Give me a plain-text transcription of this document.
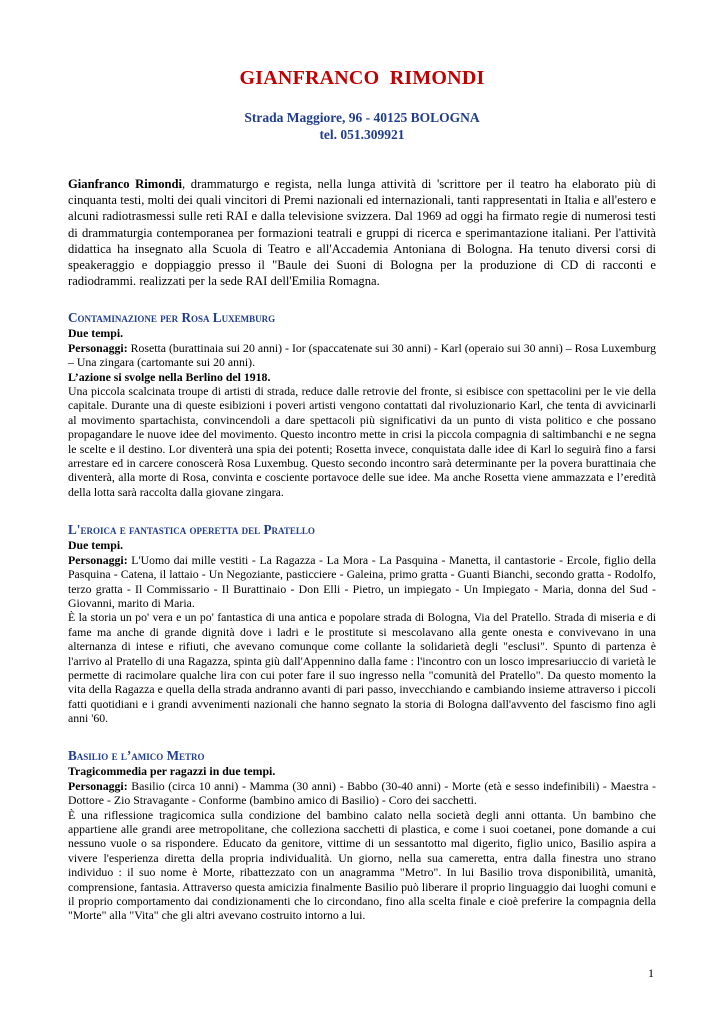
GIANFRANCO  RIMONDI
Strada Maggiore, 96 - 40125 BOLOGNA
tel. 051.309921
Gianfranco Rimondi, drammaturgo e regista, nella lunga attività di 'scrittore per il teatro ha elaborato più di cinquanta testi, molti dei quali vincitori di Premi nazionali ed internazionali, tanti rappresentati in Italia e all'estero e alcuni radiotrasmessi sulle reti RAI e dalla televisione svizzera. Dal 1969 ad oggi ha firmato regie di numerosi testi di drammaturgia contemporanea per formazioni teatrali e gruppi di ricerca e sperimantazione italiani. Per l'attività didattica ha insegnato alla Scuola di Teatro e all'Accademia Antoniana di Bologna. Ha tenuto diversi corsi di speakeraggio e doppiaggio presso il "Baule dei Suoni di Bologna per la produzione di CD di racconti e radiodrammi. realizzati per la sede RAI dell'Emilia Romagna.
Contaminazione per Rosa Luxemburg
Due tempi.
Personaggi: Rosetta (burattinaia sui 20 anni) - Ior (spaccatenate sui 30 anni) - Karl (operaio sui 30 anni) – Rosa Luxemburg – Una zingara (cartomante sui 20 anni).
L’azione si svolge nella Berlino del 1918.
Una piccola scalcinata troupe di artisti di strada, reduce dalle retrovie del fronte, si esibisce con spettacolini per le vie della capitale. Durante una di queste esibizioni i poveri artisti vengono contattati dal rivoluzionario Karl, che tenta di avvicinarli al movimento spartachista, convincendoli a dare spettacoli più significativi da un punto di vista politico e che possano propagandare le nuove idee del movimento. Questo incontro mette in crisi la piccola compagnia di saltimbanchi e ne segna le scelte e il destino. Lor diventerà una spia dei potenti; Rosetta invece, conquistata dalle idee di Karl lo seguirà fino a farsi arrestare ed in carcere conoscerà Rosa Luxembug. Questo secondo incontro sarà determinante per la povera burattinaia che diventerà, alla morte di Rosa, convinta e cosciente portavoce delle sue idee. Ma anche Rosetta viene ammazzata e l’eredità della lotta sarà raccolta dalla giovane zingara.
L'eroica e fantastica operetta del Pratello
Due tempi.
Personaggi: L'Uomo dai mille vestiti - La Ragazza - La Mora - La Pasquina - Manetta, il cantastorie - Ercole, figlio della Pasquina - Catena, il lattaio - Un Negoziante, pasticciere - Galeina, primo gratta - Guanti Bianchi, secondo gratta - Rodolfo, terzo gratta - Il Commissario - Il Burattinaio - Don Elli - Pietro, un impiegato - Un Impiegato - Maria, donna del Sud - Giovanni, marito di Maria.
È la storia un po' vera e un po' fantastica di una antica e popolare strada di Bologna, Via del Pratello. Strada di miseria e di fame ma anche di grande dignità dove i ladri e le prostitute si mescolavano alla gente onesta e convivevano in una alternanza di intese e rifiuti, che avevano comunque come collante la solidarietà degli "esclusi". Spunto di partenza è l'arrivo al Pratello di una Ragazza, spinta giù dall'Appennino dalla fame : l'incontro con un losco impresariuccio di varietà le permette di racimolare qualche lira con cui poter fare il suo ingresso nella "comunità del Pratello". Da questo momento la vita della Ragazza e quella della strada andranno avanti di pari passo, invecchiando e cambiando insieme attraverso i piccoli fatti quotidiani e i grandi avvenimenti nazionali che hanno segnato la storia di Bologna dall'avvento del fascismo fino agli anni '60.
Basilio e l’amico Metro
Tragicommedia per ragazzi in due tempi.
Personaggi: Basilio (circa 10 anni) - Mamma (30 anni) - Babbo (30-40 anni) - Morte (età e sesso indefinibili) - Maestra - Dottore - Zio Stravagante - Conforme (bambino amico di Basilio) - Coro dei sacchetti.
È una riflessione tragicomica sulla condizione del bambino calato nella società degli anni ottanta. Un bambino che appartiene alle grandi aree metropolitane, che colleziona sacchetti di plastica, e come i suoi coetanei, pone domande a cui nessuno vuole o sa rispondere. Educato da genitore, vittime di un sessantotto mal digerito, figlio unico, Basilio aspira a vivere l'esperienza diretta della propria individualità. Un giorno, nella sua cameretta, entra dalla finestra uno strano individuo : il suo nome è Morte, ribattezzato con un anagramma "Metro". In lui Basilio trova disponibilità, umanità, comprensione, fantasia. Attraverso questa amicizia finalmente Basilio può liberare il proprio linguaggio dai luoghi comuni e il proprio comportamento dai condizionamenti che lo circondano, fino alla scelta finale e cioè preferire la compagnia della "Morte" alla "Vita" che gli altri avevano costruito intorno a lui.
1
